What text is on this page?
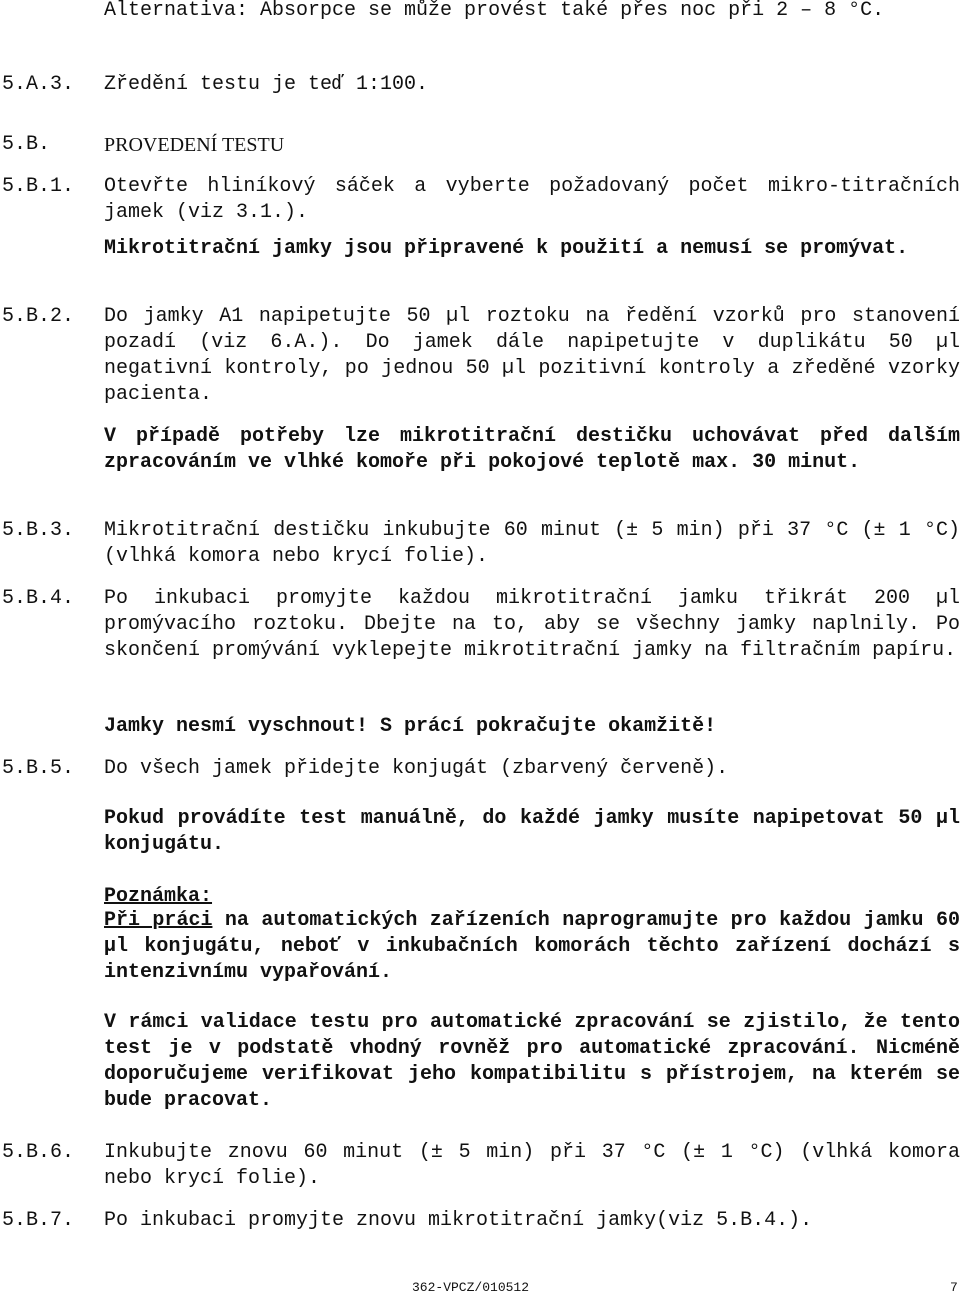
Alternativa: Absorpce se může provést také přes noc při 2 – 8 °C.
5.A.3.	Zředění testu je teď 1:100.
5.B.	PROVEDENÍ TESTU
5.B.1.	Otevřte hliníkový sáček a vyberte požadovaný počet mikro-titračních jamek (viz 3.1.).
Mikrotitrační jamky jsou připravené k použití a nemusí se promývat.
5.B.2.	Do jamky A1 napipetujte 50 µl roztoku na ředění vzorků pro stanovení pozadí (viz 6.A.). Do jamek dále napipetujte v duplikátu 50 µl negativní kontroly, po jednou 50 µl pozitivní kontroly a zředěné vzorky pacienta.
V případě potřeby lze mikrotitrační destičku uchovávat před dalším zpracováním ve vlhké komoře při pokojové teplotě max. 30 minut.
5.B.3.	Mikrotitrační destičku inkubujte 60 minut (± 5 min) při 37 °C (± 1 °C) (vlhká komora nebo krycí folie).
5.B.4.	Po inkubaci promyjte každou mikrotitrační jamku třikrát 200 µl promývacího roztoku. Dbejte na to, aby se všechny jamky naplnily. Po skončení promývání vyklepejte mikrotitrační jamky na filtračním papíru.
Jamky nesmí vyschnout! S prácí pokračujte okamžitě!
5.B.5.	Do všech jamek přidejte konjugát (zbarvený červeně).
Pokud provádíte test manuálně, do každé jamky musíte napipetovat 50 µl konjugátu.
Poznámka:
Při práci na automatických zařízeních naprogramujte pro každou jamku 60 µl konjugátu, neboť v inkubačních komorách těchto zařízení dochází s intenzivnímu vypařování.
V rámci validace testu pro automatické zpracování se zjistilo, že tento test je v podstatě vhodný rovněž pro automatické zpracování. Nicméně doporučujeme verifikovat jeho kompatibilitu s přístrojem, na kterém se bude pracovat.
5.B.6.	Inkubujte znovu 60 minut (± 5 min) při 37 °C (± 1 °C) (vlhká komora nebo krycí folie).
5.B.7.	Po inkubaci promyjte znovu mikrotitrační jamky(viz 5.B.4.).
362-VPCZ/010512	7
